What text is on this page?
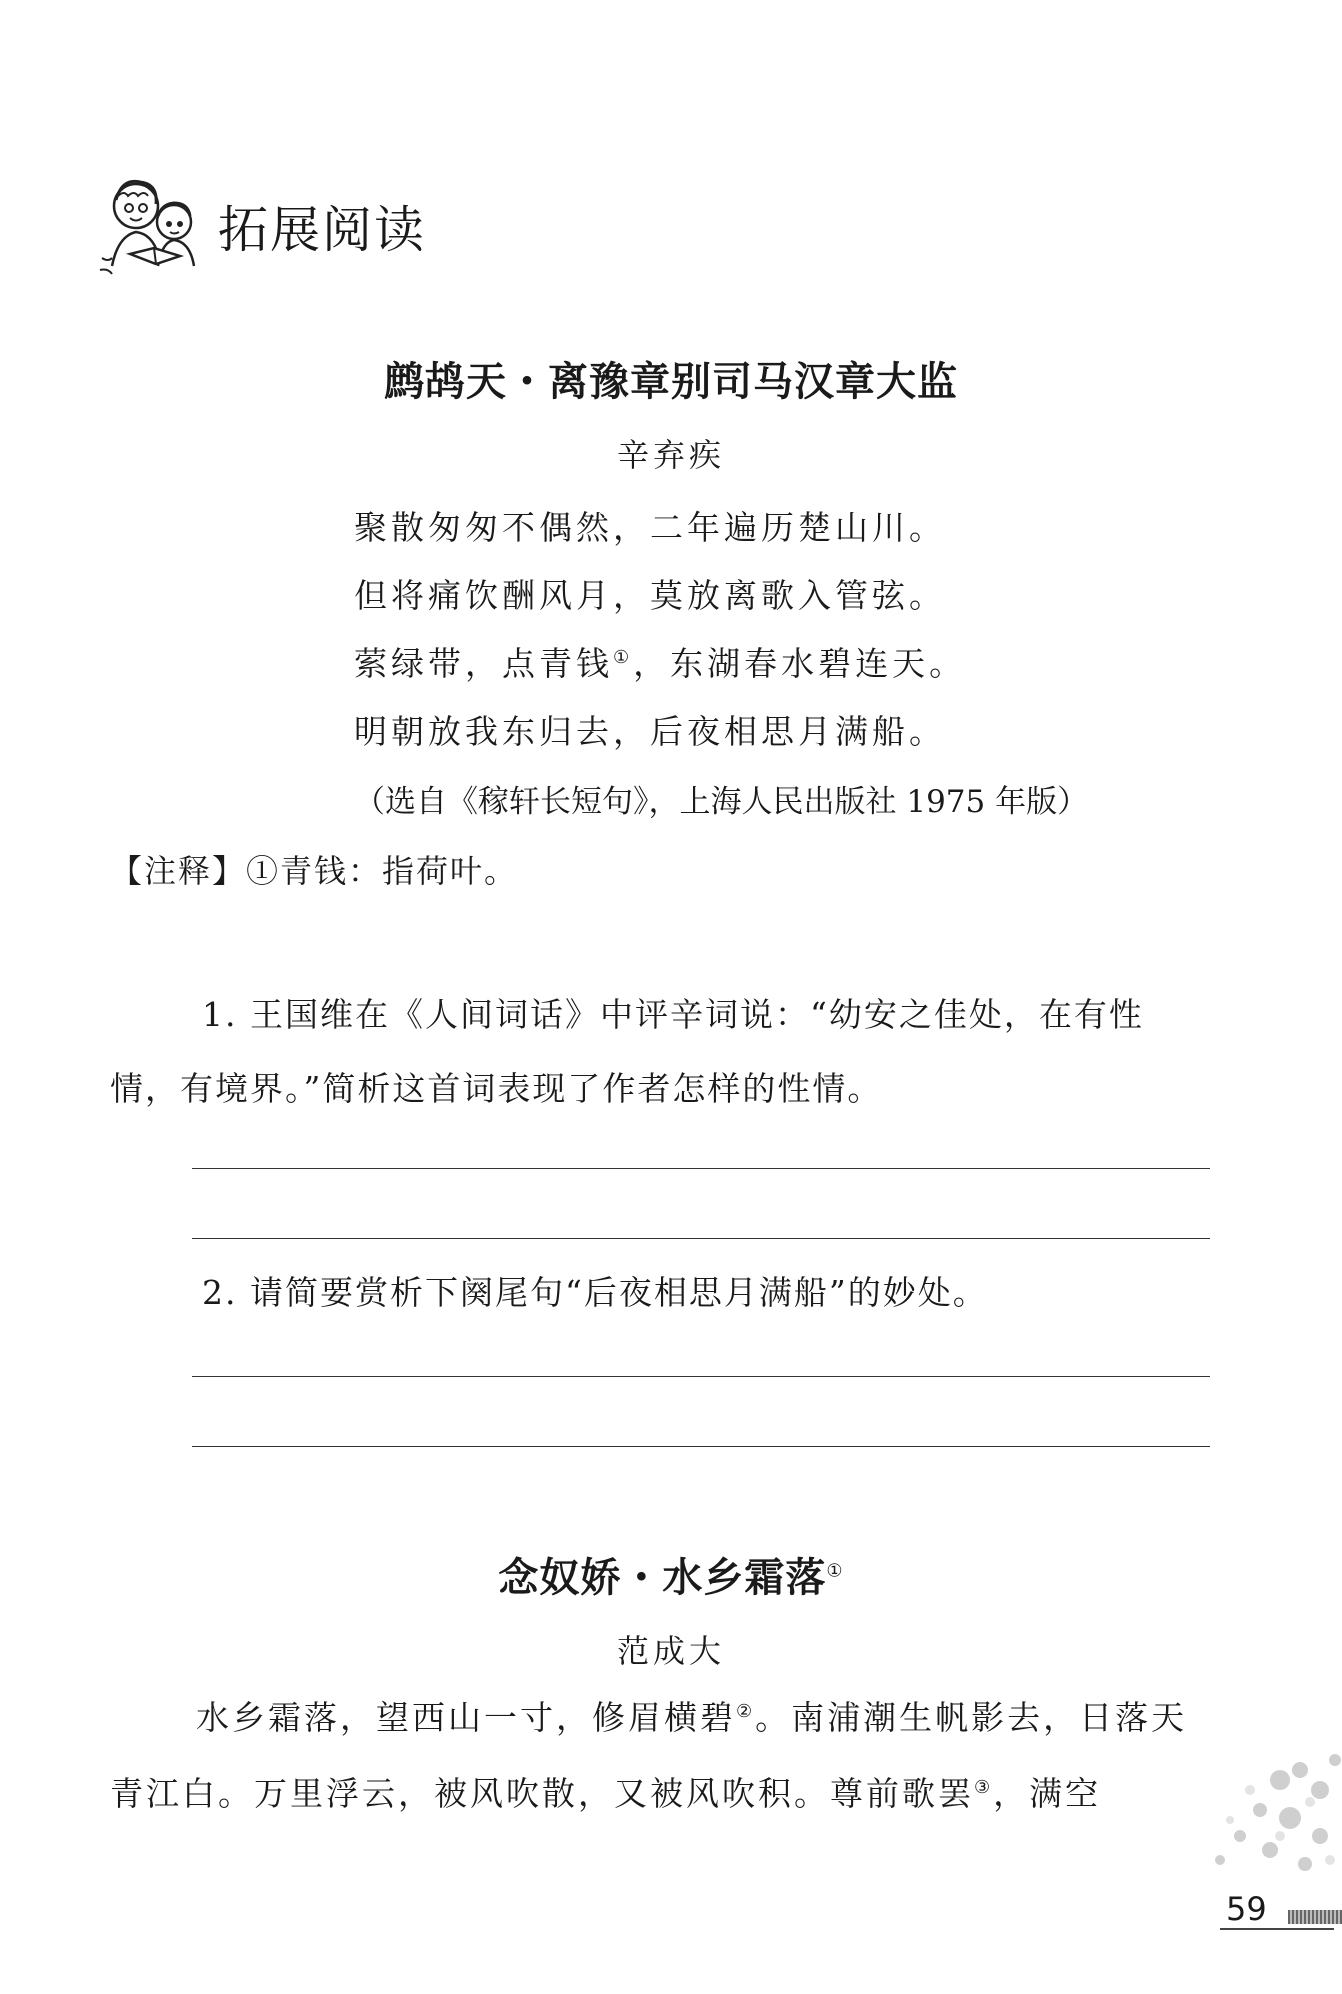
拓展阅读
鹧鸪天・离豫章别司马汉章大监
辛弃疾
聚散匆匆不偶然，二年遍历楚山川。
但将痛饮酬风月，莫放离歌入管弦。
萦绿带，点青钱①，东湖春水碧连天。
明朝放我东归去，后夜相思月满船。
（选自《稼轩长短句》，上海人民出版社 1975 年版）
【注释】①青钱：指荷叶。
1. 王国维在《人间词话》中评辛词说：“幼安之佳处，在有性情，有境界。”简析这首词表现了作者怎样的性情。
2. 请简要赏析下阕尾句“后夜相思月满船”的妙处。
念奴娇・水乡霜落①
范成大
水乡霜落，望西山一寸，修眉横碧②。南浦潮生帆影去，日落天青江白。万里浮云，被风吹散，又被风吹积。尊前歌罢③，满空
59
